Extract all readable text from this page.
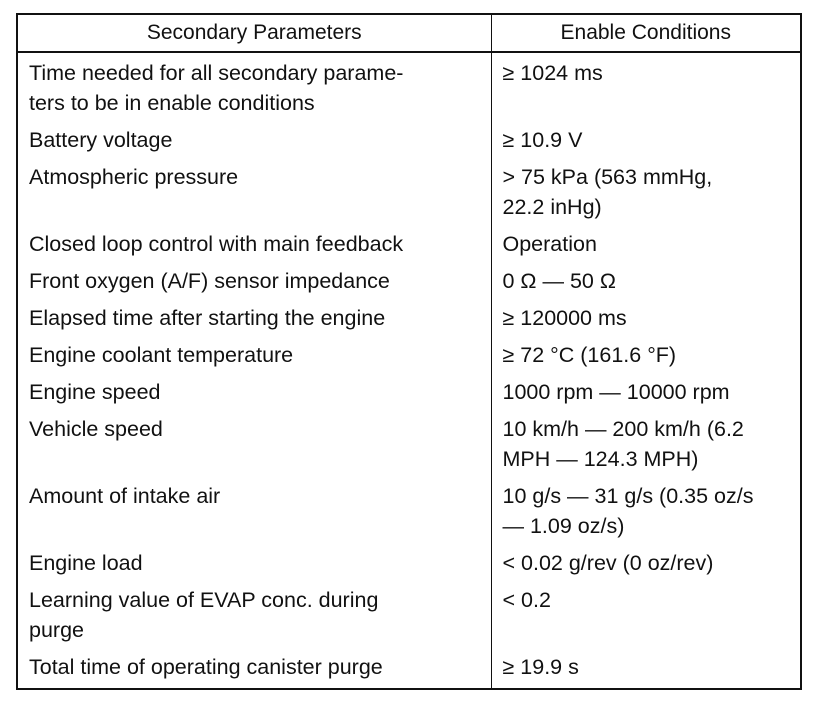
Secondary Parameters	Enable Conditions
Time needed for all secondary parame-
ters to be in enable conditions	≥ 1024 ms
Battery voltage	≥ 10.9 V
Atmospheric pressure	> 75 kPa (563 mmHg,
22.2 inHg)
Closed loop control with main feedback	Operation
Front oxygen (A/F) sensor impedance	0 Ω — 50 Ω
Elapsed time after starting the engine	≥ 120000 ms
Engine coolant temperature	≥ 72 °C (161.6 °F)
Engine speed	1000 rpm — 10000 rpm
Vehicle speed	10 km/h — 200 km/h (6.2
MPH — 124.3 MPH)
Amount of intake air	10 g/s — 31 g/s (0.35 oz/s
— 1.09 oz/s)
Engine load	< 0.02 g/rev (0 oz/rev)
Learning value of EVAP conc. during
purge	< 0.2
Total time of operating canister purge	≥ 19.9 s
